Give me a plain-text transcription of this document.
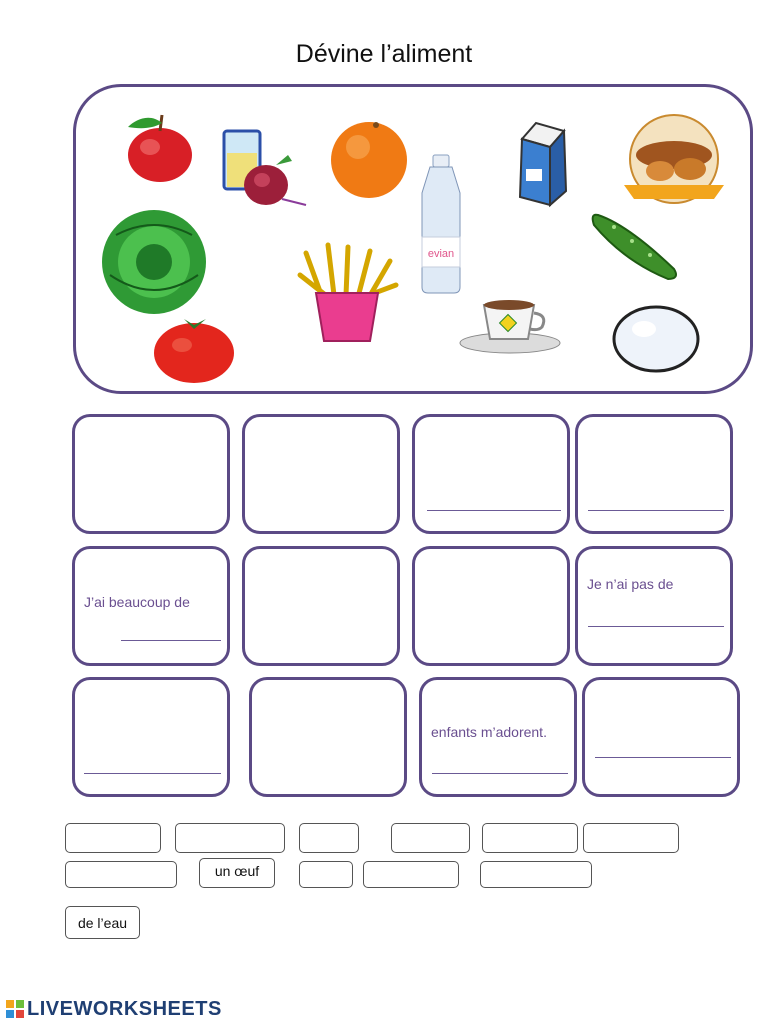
Dévine l’aliment
evian
J’ai beaucoup de
Je n’ai pas de
enfants m’adorent.
un œuf
de l’eau
LIVEWORKSHEETS
